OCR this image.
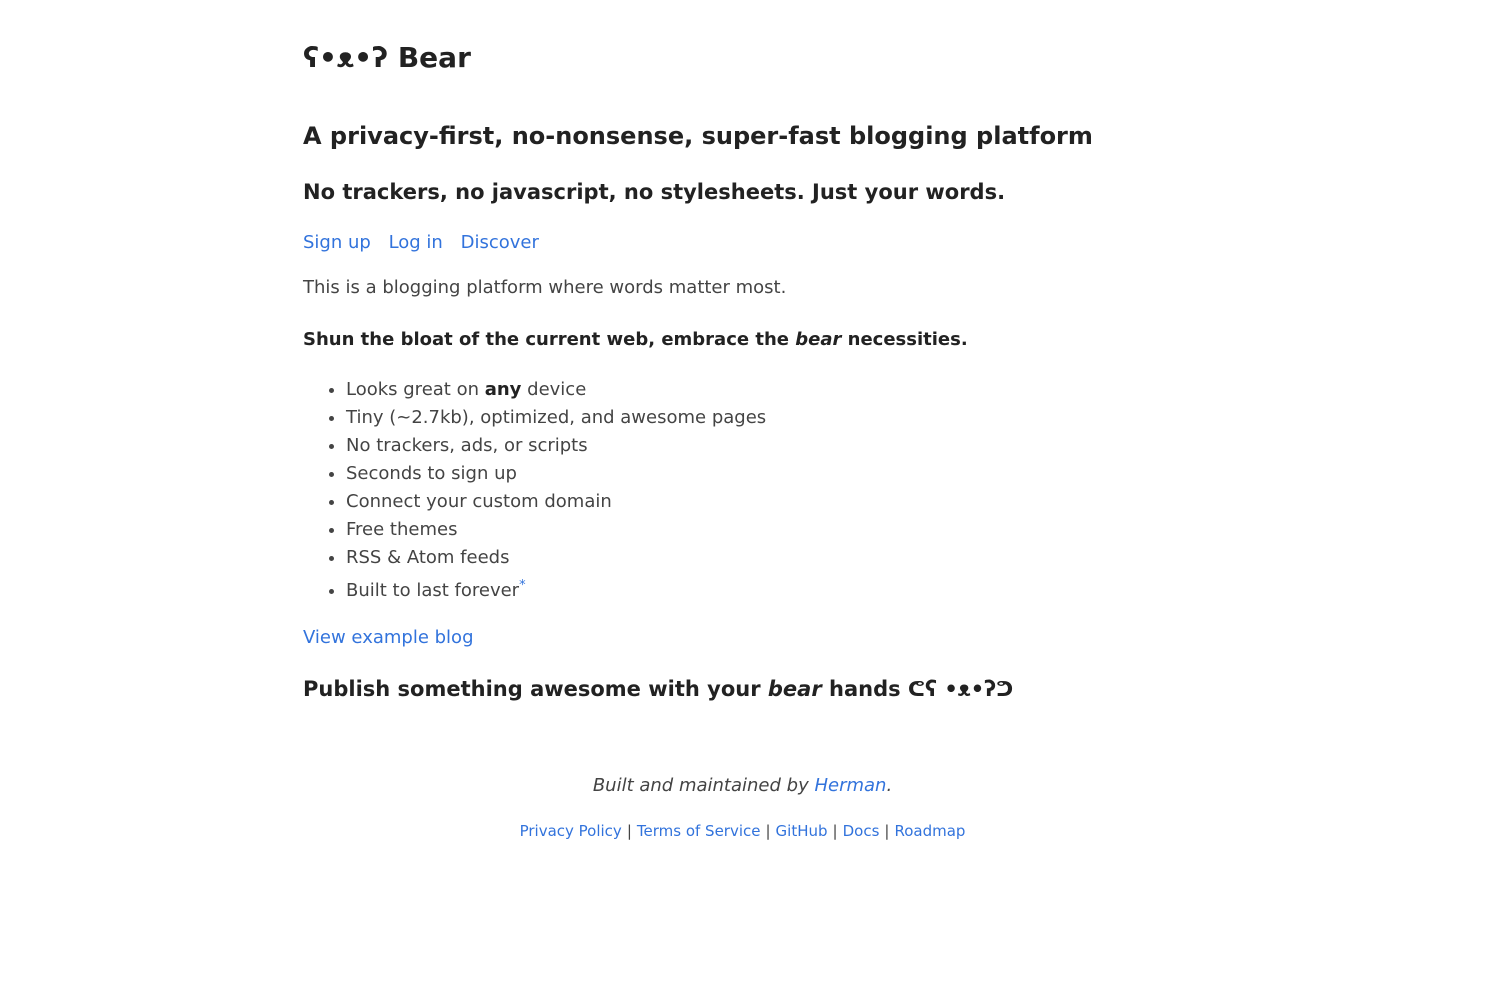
ʕ•ᴥ•ʔ Bear
A privacy-first, no-nonsense, super-fast blogging platform
No trackers, no javascript, no stylesheets. Just your words.
Sign up Log in Discover
This is a blogging platform where words matter most.
Shun the bloat of the current web, embrace the bear necessities.
• Looks great on any device
• Tiny (~2.7kb), optimized, and awesome pages
• No trackers, ads, or scripts
• Seconds to sign up
• Connect your custom domain
• Free themes
• RSS & Atom feeds
• Built to last forever*
View example blog
Publish something awesome with your bear hands ᕦʕ •ᴥ•ʔᕤ
Built and maintained by Herman.
Privacy Policy | Terms of Service | GitHub | Docs | Roadmap
